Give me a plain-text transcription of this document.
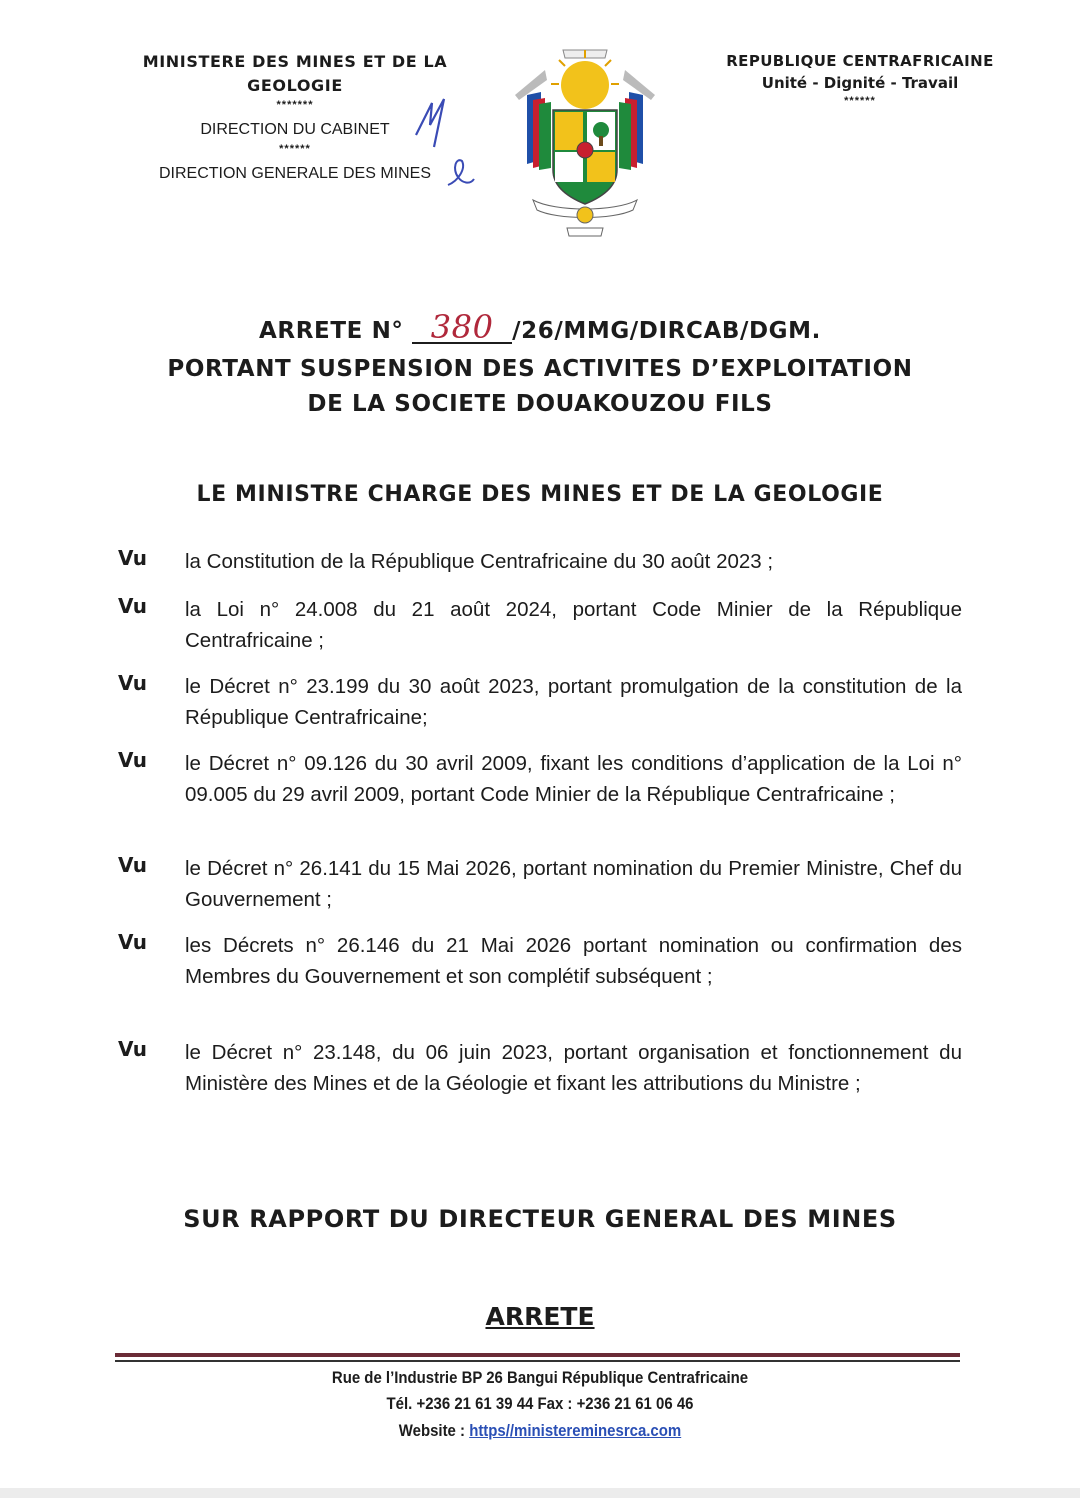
MINISTERE DES MINES ET DE LA
GEOLOGIE
*******
DIRECTION DU CABINET
******
DIRECTION GENERALE DES MINES
REPUBLIQUE CENTRAFRICAINE
Unité - Dignité - Travail
******
ARRETE N° 380 /26/MMG/DIRCAB/DGM.
PORTANT SUSPENSION DES ACTIVITES D’EXPLOITATION
DE LA SOCIETE DOUAKOUZOU FILS
LE MINISTRE CHARGE DES MINES ET DE LA GEOLOGIE
Vu la Constitution de la République Centrafricaine du 30 août 2023 ;
Vu la Loi n° 24.008 du 21 août 2024, portant Code Minier de la République Centrafricaine ;
Vu le Décret n° 23.199 du 30 août 2023, portant promulgation de la constitution de la République Centrafricaine;
Vu le Décret n° 09.126 du 30 avril 2009, fixant les conditions d’application de la Loi n° 09.005 du 29 avril 2009, portant Code Minier de la République Centrafricaine ;
Vu le Décret n° 26.141 du 15 Mai 2026, portant nomination du Premier Ministre, Chef du Gouvernement ;
Vu les Décrets n° 26.146 du 21 Mai 2026 portant nomination ou confirmation des Membres du Gouvernement et son complétif subséquent ;
Vu le Décret n° 23.148, du 06 juin 2023, portant organisation et fonctionnement du Ministère des Mines et de la Géologie et fixant les attributions du Ministre ;
SUR RAPPORT DU DIRECTEUR GENERAL DES MINES
ARRETE
Rue de l’Industrie BP 26 Bangui République Centrafricaine
Tél. +236 21 61 39 44 Fax : +236 21 61 06 46
Website : https//ministereminesrca.com
